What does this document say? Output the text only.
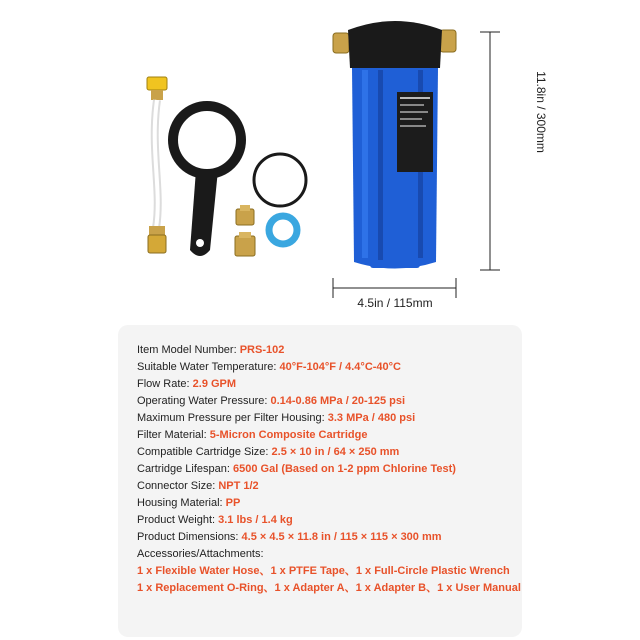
11.8in / 300mm
4.5in / 115mm
Item Model Number: PRS-102
Suitable Water Temperature: 40°F-104°F / 4.4°C-40°C
Flow Rate: 2.9 GPM
Operating Water Pressure: 0.14-0.86 MPa / 20-125 psi
Maximum Pressure per Filter Housing: 3.3 MPa / 480 psi
Filter Material: 5-Micron Composite Cartridge
Compatible Cartridge Size: 2.5 × 10 in / 64 × 250 mm
Cartridge Lifespan: 6500 Gal (Based on 1-2 ppm Chlorine Test)
Connector Size: NPT 1/2
Housing Material: PP
Product Weight: 3.1 lbs / 1.4 kg
Product Dimensions: 4.5 × 4.5 × 11.8 in / 115 × 115 × 300 mm
Accessories/Attachments:
1 x Flexible Water Hose、1 x PTFE Tape、1 x Full-Circle Plastic Wrench
1 x Replacement O-Ring、1 x Adapter A、1 x Adapter B、1 x User Manual
